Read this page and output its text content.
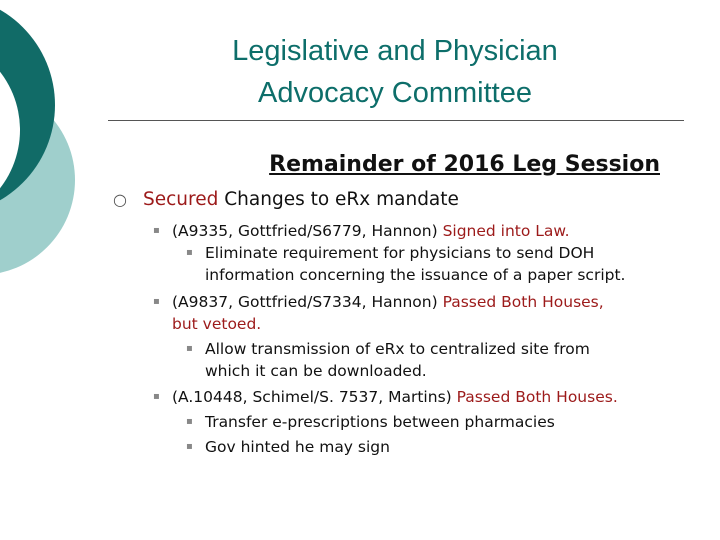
Legislative and Physician
Advocacy Committee
Remainder of 2016 Leg Session
○ Secured Changes to eRx mandate
▪ (A9335, Gottfried/S6779, Hannon) Signed into Law.
▪ Eliminate requirement for physicians to send DOH
information concerning the issuance of a paper script.
▪ (A9837, Gottfried/S7334, Hannon) Passed Both Houses,
but vetoed.
▪ Allow transmission of eRx to centralized site from
which it can be downloaded.
▪ (A.10448, Schimel/S. 7537, Martins) Passed Both Houses.
▪ Transfer e-prescriptions between pharmacies
▪ Gov hinted he may sign
